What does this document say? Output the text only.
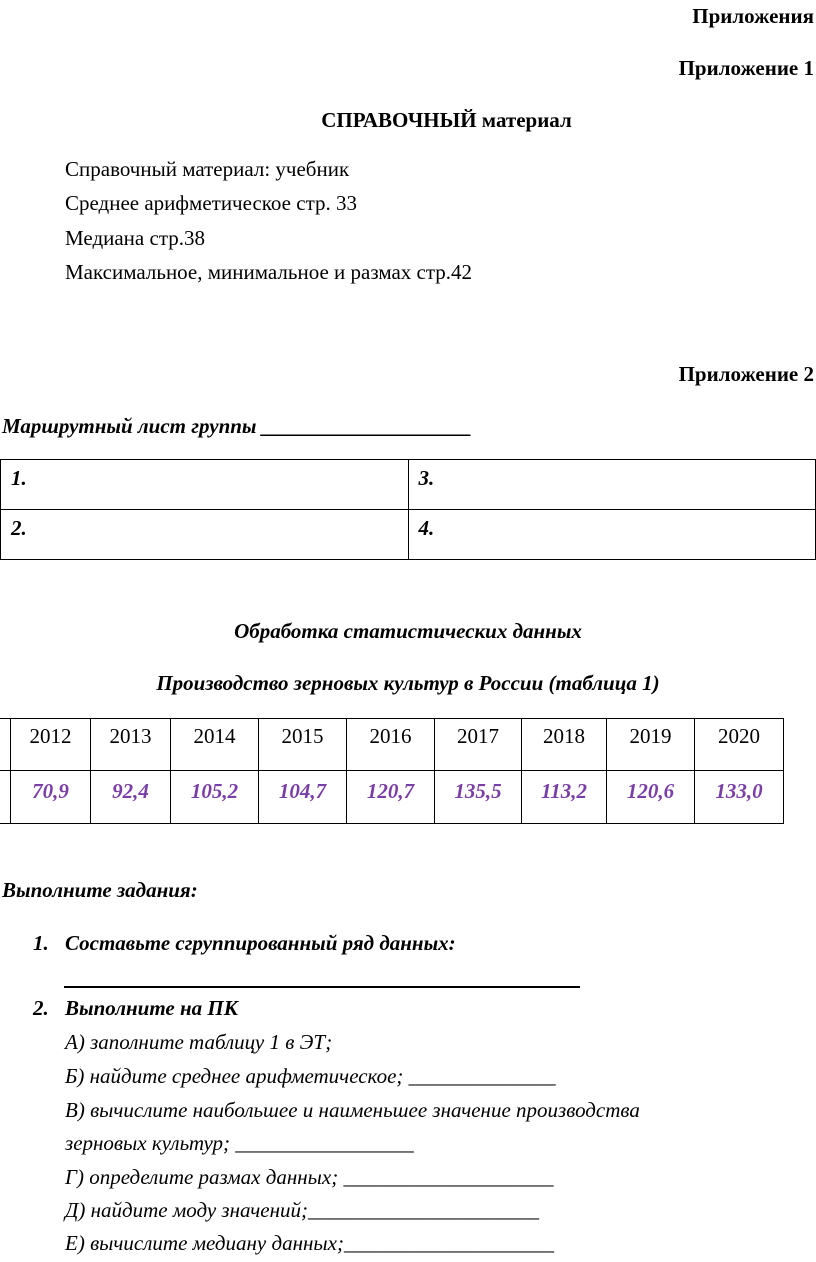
Приложения
Приложение 1
СПРАВОЧНЫЙ материал
Справочный материал: учебник
Среднее арифметическое стр. 33
Медиана стр.38
Максимальное, минимальное и размах стр.42
Приложение 2
Маршрутный лист группы ____________________
1.	3.
2.	4.
Обработка статистических данных
Производство зерновых культур в России (таблица 1)
	2012	2013	2014	2015	2016	2017	2018	2019	2020
	70,9	92,4	105,2	104,7	120,7	135,5	113,2	120,6	133,0
Выполните задания:
1. Составьте сгруппированный ряд данных:
2. Выполните на ПК
А) заполните таблицу 1 в ЭТ;
Б) найдите среднее арифметическое; ______________
В) вычислите наибольшее и наименьшее значение производства
зерновых культур; _________________
Г) определите размах данных; ____________________
Д) найдите моду значений;______________________
Е) вычислите медиану данных;____________________
